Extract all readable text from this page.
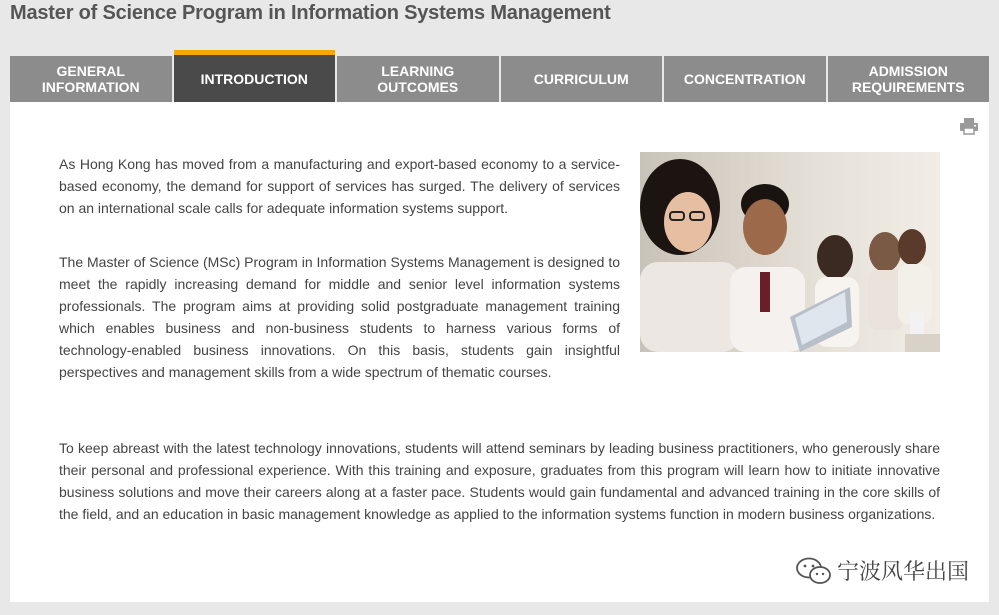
Master of Science Program in Information Systems Management
GENERAL INFORMATION
INTRODUCTION	LEARNING OUTCOMES	CURRICULUM	CONCENTRATION	ADMISSION REQUIREMENTS

As Hong Kong has moved from a manufacturing and export-based economy to a service-based economy, the demand for support of services has surged. The delivery of services on an international scale calls for adequate information systems support.

The Master of Science (MSc) Program in Information Systems Management is designed to meet the rapidly increasing demand for middle and senior level information systems professionals. The program aims at providing solid postgraduate management training which enables business and non-business students to harness various forms of technology-enabled business innovations. On this basis, students gain insightful perspectives and management skills from a wide spectrum of thematic courses.

To keep abreast with the latest technology innovations, students will attend seminars by leading business practitioners, who generously share their personal and professional experience. With this training and exposure, graduates from this program will learn how to initiate innovative business solutions and move their careers along at a faster pace. Students would gain fundamental and advanced training in the core skills of the field, and an education in basic management knowledge as applied to the information systems function in modern business organizations.

宁波风华出国
